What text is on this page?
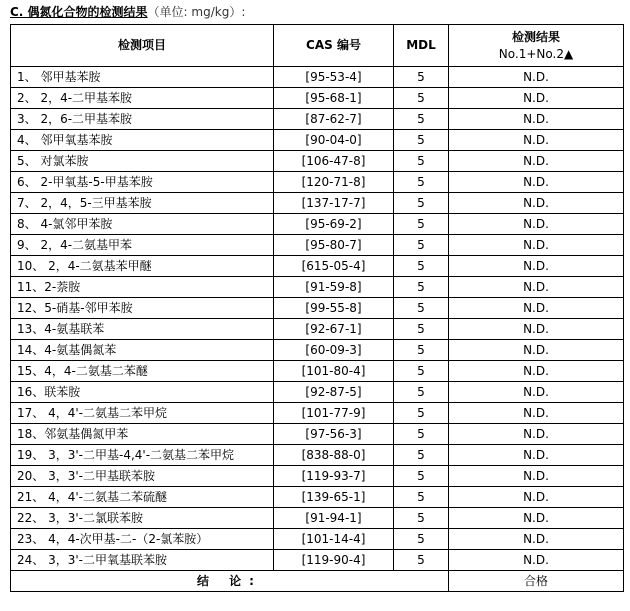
C. 偶氮化合物的检测结果（单位: mg/kg）:
检测项目	CAS 编号	MDL	检测结果
No.1+No.2▲

1、 邻甲基苯胺	[95-53-4]	5	N.D.
2、 2，4-二甲基苯胺	[95-68-1]	5	N.D.
3、 2，6-二甲基苯胺	[87-62-7]	5	N.D.
4、 邻甲氧基苯胺	[90-04-0]	5	N.D.
5、 对氯苯胺	[106-47-8]	5	N.D.
6、 2-甲氧基-5-甲基苯胺	[120-71-8]	5	N.D.
7、 2，4，5-三甲基苯胺	[137-17-7]	5	N.D.
8、 4-氯邻甲苯胺	[95-69-2]	5	N.D.
9、 2，4-二氨基甲苯	[95-80-7]	5	N.D.
10、 2，4-二氨基苯甲醚	[615-05-4]	5	N.D.
11、2-萘胺	[91-59-8]	5	N.D.
12、5-硝基-邻甲苯胺	[99-55-8]	5	N.D.
13、4-氨基联苯	[92-67-1]	5	N.D.
14、4-氨基偶氮苯	[60-09-3]	5	N.D.
15、4，4-二氨基二苯醚	[101-80-4]	5	N.D.
16、联苯胺	[92-87-5]	5	N.D.
17、 4，4'-二氨基二苯甲烷	[101-77-9]	5	N.D.
18、邻氨基偶氮甲苯	[97-56-3]	5	N.D.
19、 3，3'-二甲基-4,4'-二氨基二苯甲烷	[838-88-0]	5	N.D.
20、 3，3'-二甲基联苯胺	[119-93-7]	5	N.D.
21、 4，4'-二氨基二苯硫醚	[139-65-1]	5	N.D.
22、 3，3'-二氯联苯胺	[91-94-1]	5	N.D.
23、 4，4-次甲基-二-（2-氯苯胺）	[101-14-4]	5	N.D.
24、 3，3'-二甲氧基联苯胺	[119-90-4]	5	N.D.
结 论:			合格
